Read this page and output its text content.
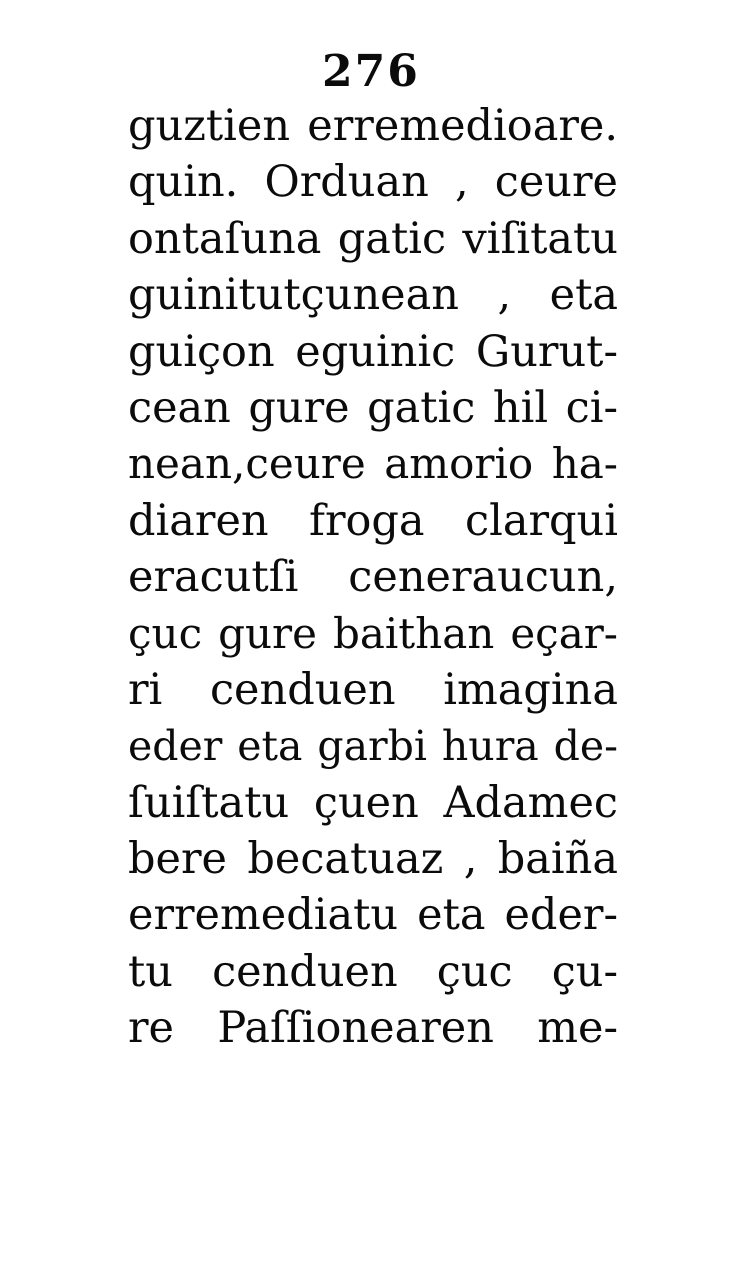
276
guztien erremedioare.
quin. Orduan , ceure
ontaſuna gatic viſitatu
guinitutçunean , eta
guiçon eguinic Gurut-
cean gure gatic hil ci-
nean,ceure amorio ha-
diaren froga clarqui
eracutſi ceneraucun,
çuc gure baithan eçar-
ri cenduen imagina
eder eta garbi hura de-
ſuiſtatu çuen Adamec
bere becatuaz , baiña
erremediatu eta eder-
tu cenduen çuc çu-
re Paſſionearen me-
